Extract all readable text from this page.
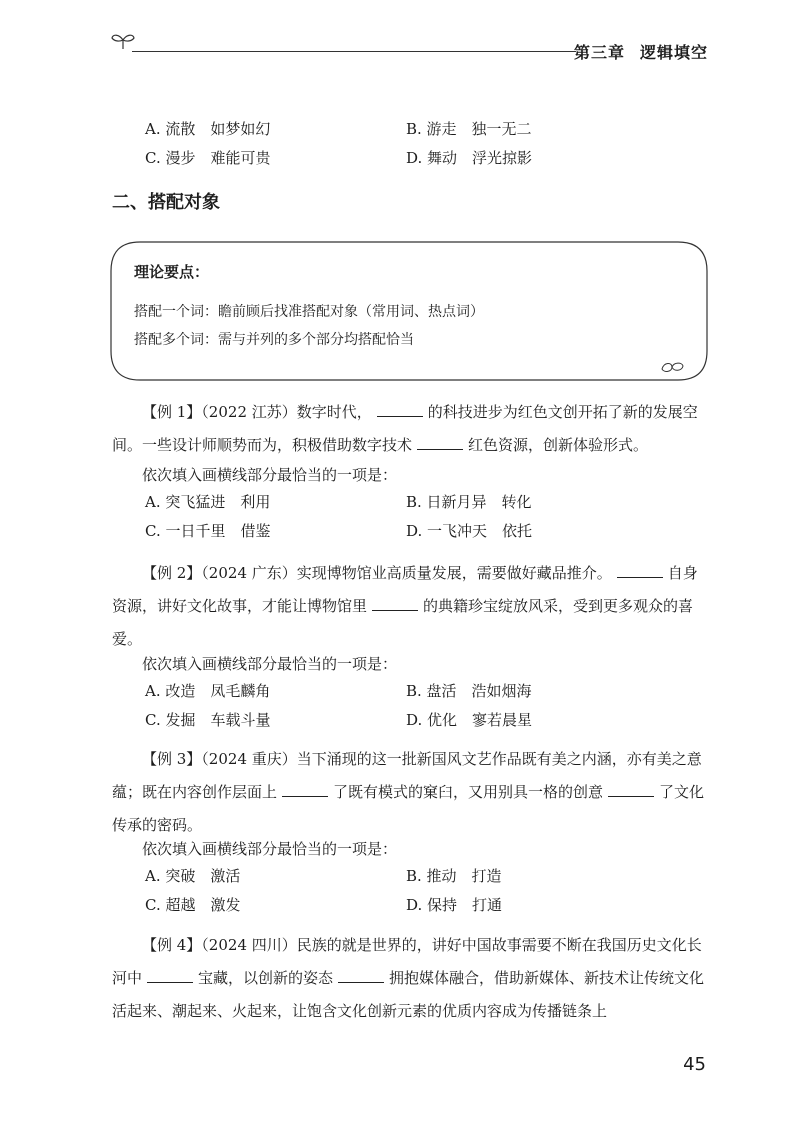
第三章 逻辑填空
A. 流散　如梦如幻	B. 游走　独一无二
C. 漫步　难能可贵	D. 舞动　浮光掠影
二、搭配对象
理论要点：
搭配一个词：瞻前顾后找准搭配对象（常用词、热点词）
搭配多个词：需与并列的多个部分均搭配恰当
【例 1】（2022 江苏）数字时代，	的科技进步为红色文创开拓了新的发展空间。一些设计师顺势而为，积极借助数字技术	红色资源，创新体验形式。
依次填入画横线部分最恰当的一项是：
A. 突飞猛进　利用	B. 日新月异　转化
C. 一日千里　借鉴	D. 一飞冲天　依托
【例 2】（2024 广东）实现博物馆业高质量发展，需要做好藏品推介。	自身资源，讲好文化故事，才能让博物馆里	的典籍珍宝绽放风采，受到更多观众的喜爱。
依次填入画横线部分最恰当的一项是：
A. 改造　凤毛麟角	B. 盘活　浩如烟海
C. 发掘　车载斗量	D. 优化　寥若晨星
【例 3】（2024 重庆）当下涌现的这一批新国风文艺作品既有美之内涵，亦有美之意蕴；既在内容创作层面上	了既有模式的窠臼，又用别具一格的创意	了文化传承的密码。
依次填入画横线部分最恰当的一项是：
A. 突破　激活	B. 推动　打造
C. 超越　激发	D. 保持　打通
【例 4】（2024 四川）民族的就是世界的，讲好中国故事需要不断在我国历史文化长河中	宝藏，以创新的姿态	拥抱媒体融合，借助新媒体、新技术让传统文化活起来、潮起来、火起来，让饱含文化创新元素的优质内容成为传播链条上
45
